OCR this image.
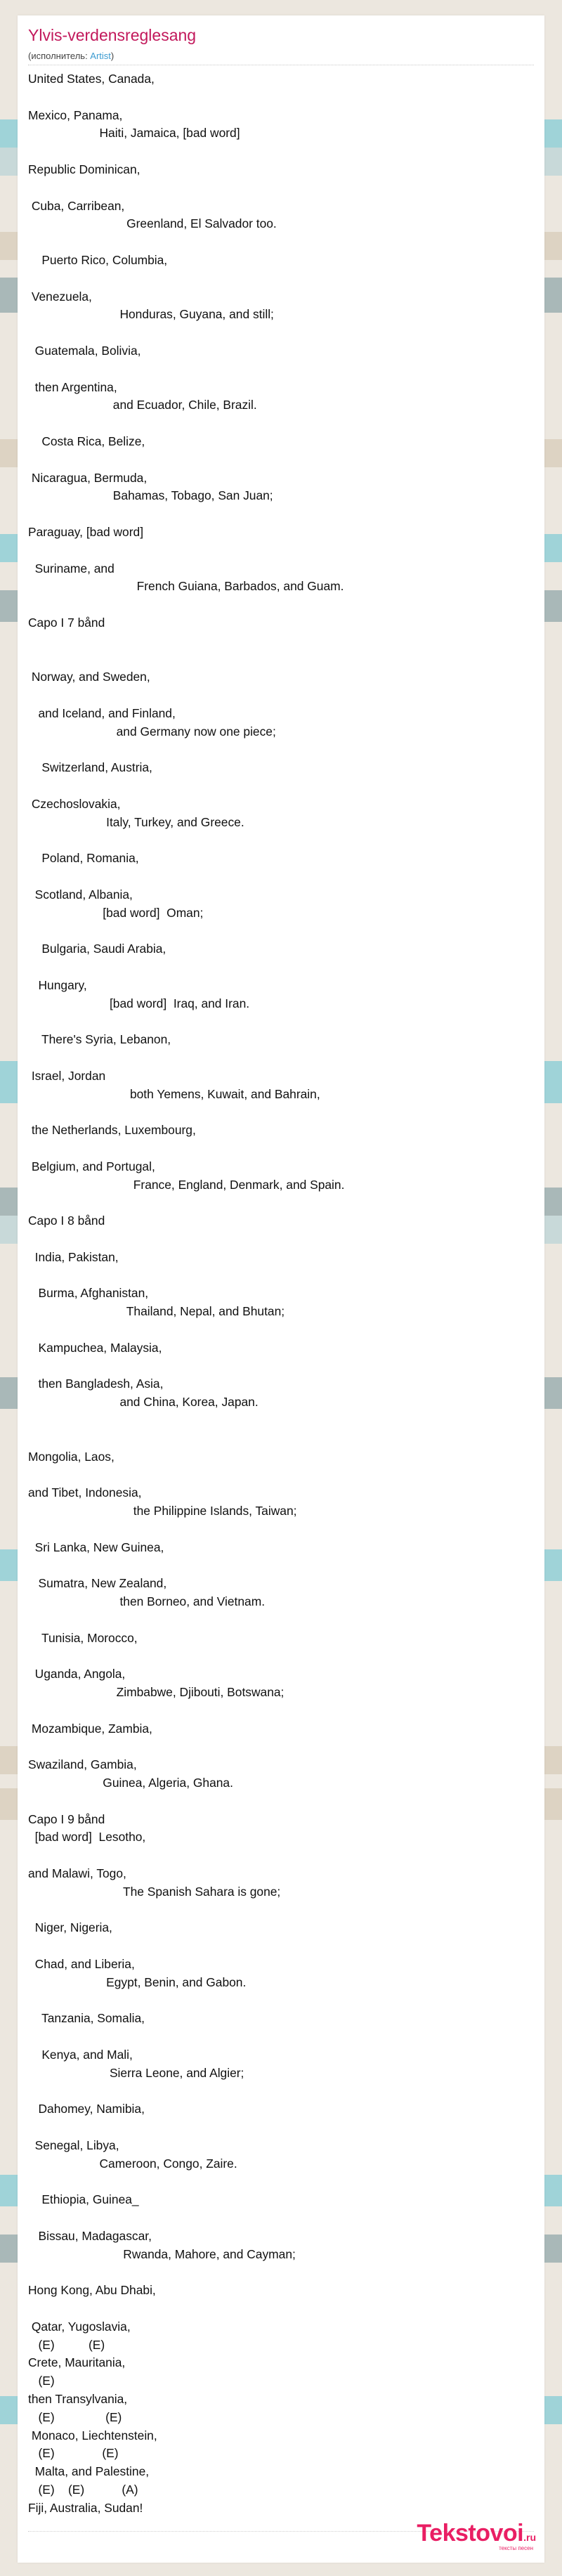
Ylvis-verdensreglesang
(исполнитель: Artist)
United States, Canada,

Mexico, Panama,
Haiti, Jamaica, [bad word]

Republic Dominican,

Cuba, Carribean,
Greenland, El Salvador too.

Puerto Rico, Columbia,

Venezuela,
Honduras, Guyana, and still;

Guatemala, Bolivia,

then Argentina,
and Ecuador, Chile, Brazil.

Costa Rica, Belize,

Nicaragua, Bermuda,
Bahamas, Tobago, San Juan;

Paraguay, [bad word]

Suriname, and
French Guiana, Barbados, and Guam.

Capo I 7 bånd

Norway, and Sweden,

and Iceland, and Finland,
and Germany now one piece;

Switzerland, Austria,

Czechoslovakia,
Italy, Turkey, and Greece.

Poland, Romania,

Scotland, Albania,
[bad word]  Oman;

Bulgaria, Saudi Arabia,

Hungary,
[bad word]  Iraq, and Iran.

There's Syria, Lebanon,

Israel, Jordan
both Yemens, Kuwait, and Bahrain,

the Netherlands, Luxembourg,

Belgium, and Portugal,
France, England, Denmark, and Spain.

Capo I 8 bånd

India, Pakistan,

Burma, Afghanistan,
Thailand, Nepal, and Bhutan;

Kampuchea, Malaysia,

then Bangladesh, Asia,
and China, Korea, Japan.

Mongolia, Laos,

and Tibet, Indonesia,
the Philippine Islands, Taiwan;

Sri Lanka, New Guinea,

Sumatra, New Zealand,
then Borneo, and Vietnam.

Tunisia, Morocco,

Uganda, Angola,
Zimbabwe, Djibouti, Botswana;

Mozambique, Zambia,

Swaziland, Gambia,
Guinea, Algeria, Ghana.

Capo I 9 bånd
[bad word]  Lesotho,

and Malawi, Togo,
The Spanish Sahara is gone;

Niger, Nigeria,

Chad, and Liberia,
Egypt, Benin, and Gabon.

Tanzania, Somalia,

Kenya, and Mali,
Sierra Leone, and Algier;

Dahomey, Namibia,

Senegal, Libya,
Cameroon, Congo, Zaire.

Ethiopia, Guinea_

Bissau, Madagascar,
Rwanda, Mahore, and Cayman;

Hong Kong, Abu Dhabi,

Qatar, Yugoslavia,
(E)          (E)
Crete, Mauritania,
(E)
then Transylvania,
(E)               (E)
Monaco, Liechtenstein,
(E)              (E)
Malta, and Palestine,
(E)    (E)           (A)
Fiji, Australia, Sudan!
Tekstovoi.ru
тексты песен
